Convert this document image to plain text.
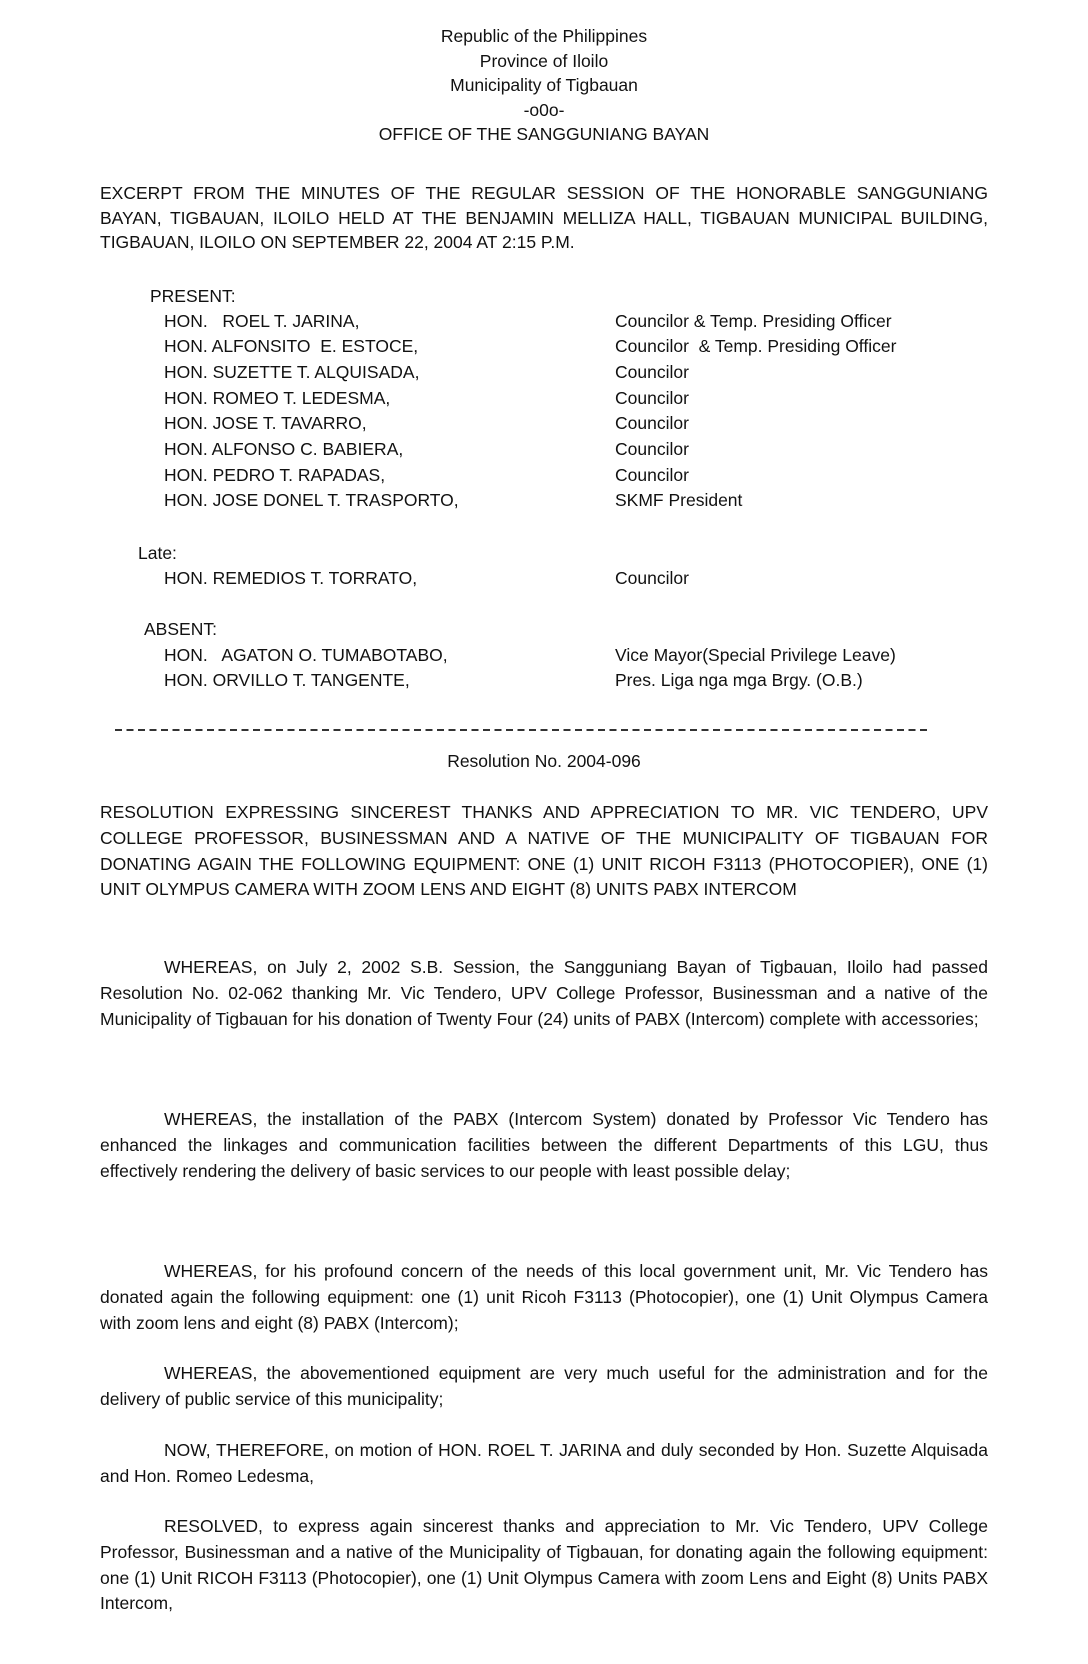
Republic of the Philippines
Province of Iloilo
Municipality of Tigbauan
-o0o-
OFFICE OF THE SANGGUNIANG BAYAN
EXCERPT FROM THE MINUTES OF THE REGULAR SESSION OF THE HONORABLE SANGGUNIANG BAYAN, TIGBAUAN, ILOILO HELD AT THE BENJAMIN MELLIZA HALL, TIGBAUAN MUNICIPAL BUILDING, TIGBAUAN, ILOILO ON SEPTEMBER 22, 2004 AT 2:15 P.M.
PRESENT:
HON.   ROEL T. JARINA,	Councilor & Temp. Presiding Officer
HON. ALFONSITO  E. ESTOCE,	Councilor  & Temp. Presiding Officer
HON. SUZETTE T. ALQUISADA,	Councilor
HON. ROMEO T. LEDESMA,	Councilor
HON. JOSE T. TAVARRO,	Councilor
HON. ALFONSO C. BABIERA,	Councilor
HON. PEDRO T. RAPADAS,	Councilor
HON. JOSE DONEL T. TRASPORTO,	SKMF President
Late:
HON. REMEDIOS T. TORRATO,	Councilor
ABSENT:
HON.   AGATON O. TUMABOTABO,	Vice Mayor(Special Privilege Leave)
HON. ORVILLO T. TANGENTE,	Pres. Liga nga mga Brgy. (O.B.)
Resolution No. 2004-096
RESOLUTION EXPRESSING SINCEREST THANKS AND APPRECIATION TO MR. VIC TENDERO, UPV COLLEGE PROFESSOR, BUSINESSMAN AND A NATIVE OF THE MUNICIPALITY OF TIGBAUAN FOR DONATING AGAIN THE FOLLOWING EQUIPMENT: ONE (1) UNIT RICOH F3113 (PHOTOCOPIER), ONE (1) UNIT OLYMPUS CAMERA WITH ZOOM LENS AND EIGHT (8) UNITS PABX INTERCOM
WHEREAS, on July 2, 2002 S.B. Session, the Sangguniang Bayan of Tigbauan, Iloilo had passed Resolution No. 02-062 thanking Mr. Vic Tendero, UPV College Professor, Businessman and a native of the Municipality of Tigbauan for his donation of Twenty Four (24) units of PABX (Intercom) complete with accessories;
WHEREAS, the installation of the PABX (Intercom System) donated by Professor Vic Tendero has enhanced the linkages and communication facilities between the different Departments of this LGU, thus effectively rendering the delivery of basic services to our people with least possible delay;
WHEREAS, for his profound concern of the needs of this local government unit, Mr. Vic Tendero has donated again the following equipment: one (1) unit Ricoh F3113 (Photocopier), one (1) Unit Olympus Camera with zoom lens and eight (8) PABX (Intercom);
WHEREAS, the abovementioned equipment are very much useful for the administration and for the delivery of public service of this municipality;
NOW, THEREFORE, on motion of HON. ROEL T. JARINA and duly seconded by Hon. Suzette Alquisada and Hon. Romeo Ledesma,
RESOLVED, to express again sincerest thanks and appreciation to Mr. Vic Tendero, UPV College Professor, Businessman and a native of the Municipality of Tigbauan, for donating again the following equipment: one (1) Unit RICOH F3113 (Photocopier), one (1) Unit Olympus Camera with zoom Lens and Eight (8) Units PABX Intercom,
